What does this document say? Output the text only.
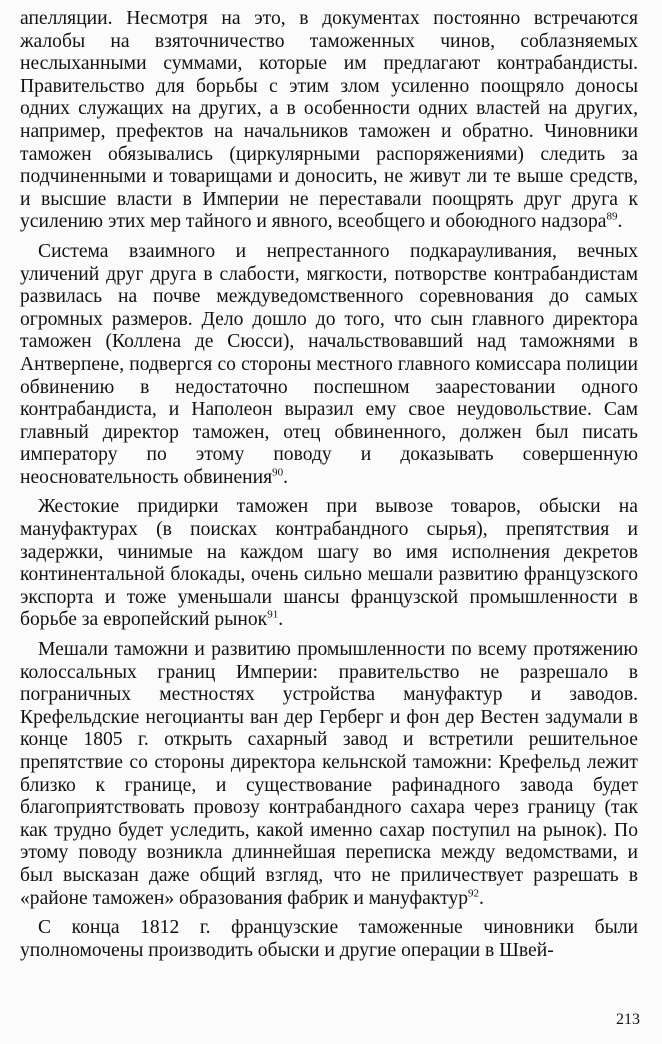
апелляции. Несмотря на это, в документах постоянно встречаются жалобы на взяточничество таможенных чинов, соблазняемых неслыханными суммами, которые им предлагают контрабандисты. Правительство для борьбы с этим злом усиленно поощряло доносы одних служащих на других, а в особенности одних властей на других, например, префектов на начальников таможен и обратно. Чиновники таможен обязывались (циркулярными распоряжениями) следить за подчиненными и товарищами и доносить, не живут ли те выше средств, и высшие власти в Империи не переставали поощрять друг друга к усилению этих мер тайного и явного, всеобщего и обоюдного надзора$^{89}$.

Система взаимного и непрестанного подкарауливания, вечных уличений друг друга в слабости, мягкости, потворстве контрабандистам развилась на почве междуведомственного соревнования до самых огромных размеров. Дело дошло до того, что сын главного директора таможен (Коллена де Сюсси), начальствовавший над таможнями в Антверпене, подвергся со стороны местного главного комиссара полиции обвинению в недостаточно поспешном заарестовании одного контрабандиста, и Наполеон выразил ему свое неудовольствие. Сам главный директор таможен, отец обвиненного, должен был писать императору по этому поводу и доказывать совершенную неосновательность обвинения$^{90}$.

Жестокие придирки таможен при вывозе товаров, обыски на мануфактурах (в поисках контрабандного сырья), препятствия и задержки, чинимые на каждом шагу во имя исполнения декретов континентальной блокады, очень сильно мешали развитию французского экспорта и тоже уменьшали шансы французской промышленности в борьбе за европейский рынок$^{91}$.

Мешали таможни и развитию промышленности по всему протяжению колоссальных границ Империи: правительство не разрешало в пограничных местностях устройства мануфактур и заводов. Крефельдские негоцианты ван дер Герберг и фон дер Вестен задумали в конце 1805 г. открыть сахарный завод и встретили решительное препятствие со стороны директора кельнской таможни: Крефельд лежит близко к границе, и существование рафинадного завода будет благоприятствовать провозу контрабандного сахара через границу (так как трудно будет уследить, какой именно сахар поступил на рынок). По этому поводу возникла длиннейшая переписка между ведомствами, и был высказан даже общий взгляд, что не приличествует разрешать в «районе таможен» образования фабрик и мануфактур$^{92}$.

С конца 1812 г. французские таможенные чиновники были уполномочены производить обыски и другие операции в Швей-

213
